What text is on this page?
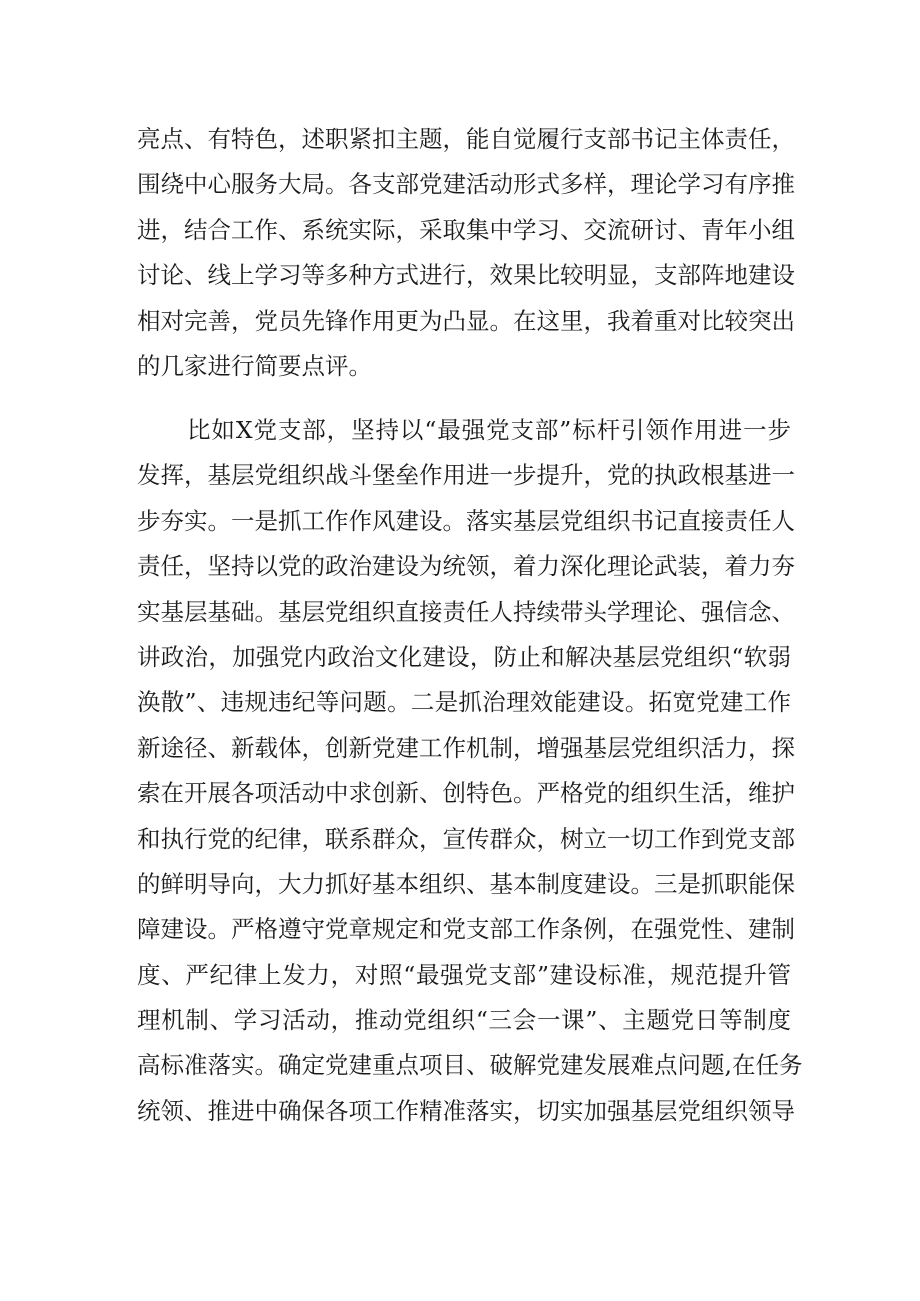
亮点、有特色，述职紧扣主题，能自觉履行支部书记主体责任，
围绕中心服务大局。各支部党建活动形式多样，理论学习有序推
进，结合工作、系统实际，采取集中学习、交流研讨、青年小组
讨论、线上学习等多种方式进行，效果比较明显，支部阵地建设
相对完善，党员先锋作用更为凸显。在这里，我着重对比较突出
的几家进行简要点评。
比如X党支部，坚持以“最强党支部”标杆引领作用进一步
发挥，基层党组织战斗堡垒作用进一步提升，党的执政根基进一
步夯实。一是抓工作作风建设。落实基层党组织书记直接责任人
责任，坚持以党的政治建设为统领，着力深化理论武装，着力夯
实基层基础。基层党组织直接责任人持续带头学理论、强信念、
讲政治，加强党内政治文化建设，防止和解决基层党组织“软弱
涣散”、违规违纪等问题。二是抓治理效能建设。拓宽党建工作
新途径、新载体，创新党建工作机制，增强基层党组织活力，探
索在开展各项活动中求创新、创特色。严格党的组织生活，维护
和执行党的纪律，联系群众，宣传群众，树立一切工作到党支部
的鲜明导向，大力抓好基本组织、基本制度建设。三是抓职能保
障建设。严格遵守党章规定和党支部工作条例，在强党性、建制
度、严纪律上发力，对照“最强党支部”建设标准，规范提升管
理机制、学习活动，推动党组织“三会一课”、主题党日等制度
高标准落实。确定党建重点项目、破解党建发展难点问题,在任务
统领、推进中确保各项工作精准落实，切实加强基层党组织领导
